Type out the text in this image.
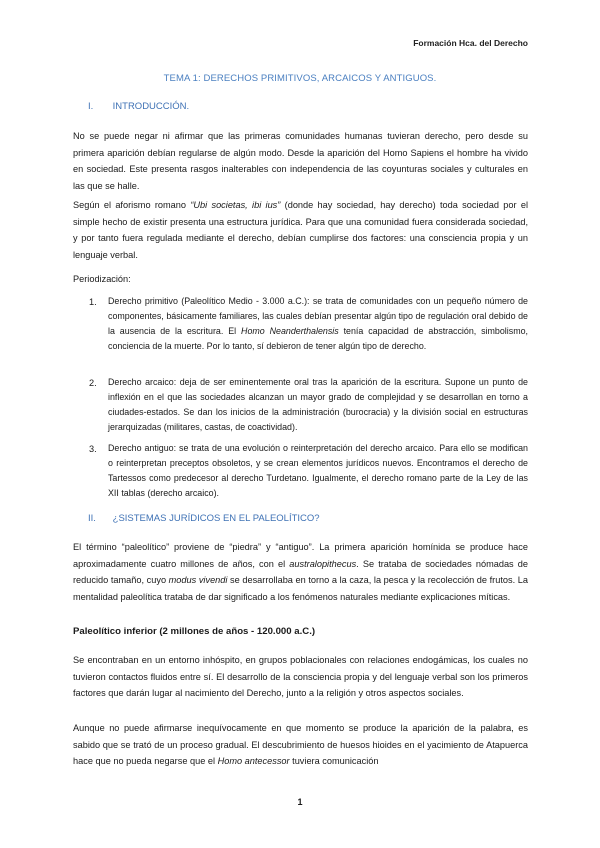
Formación Hca. del Derecho
TEMA 1: DERECHOS PRIMITIVOS, ARCAICOS Y ANTIGUOS.
I. INTRODUCCIÓN.

No se puede negar ni afirmar que las primeras comunidades humanas tuvieran derecho, pero desde su primera aparición debían regularse de algún modo. Desde la aparición del Homo Sapiens el hombre ha vivido en sociedad. Este presenta rasgos inalterables con independencia de las coyunturas sociales y culturales en las que se halle.

Según el aforismo romano “Ubi societas, ibi ius” (donde hay sociedad, hay derecho) toda sociedad por el simple hecho de existir presenta una estructura jurídica. Para que una comunidad fuera considerada sociedad, y por tanto fuera regulada mediante el derecho, debían cumplirse dos factores: una consciencia propia y un lenguaje verbal.

Periodización:
1. Derecho primitivo (Paleolítico Medio - 3.000 a.C.): se trata de comunidades con un pequeño número de componentes, básicamente familiares, las cuales debían presentar algún tipo de regulación oral debido de la ausencia de la escritura. El Homo Neanderthalensis tenía capacidad de abstracción, simbolismo, conciencia de la muerte. Por lo tanto, sí debieron de tener algún tipo de derecho.

2. Derecho arcaico: deja de ser eminentemente oral tras la aparición de la escritura. Supone un punto de inflexión en el que las sociedades alcanzan un mayor grado de complejidad y se desarrollan en torno a ciudades-estados. Se dan los inicios de la administración (burocracia) y la división social en estructuras jerarquizadas (militares, castas, de coactividad).

3. Derecho antiguo: se trata de una evolución o reinterpretación del derecho arcaico. Para ello se modifican o reinterpretan preceptos obsoletos, y se crean elementos jurídicos nuevos. Encontramos el derecho de Tartessos como predecesor al derecho Turdetano. Igualmente, el derecho romano parte de la Ley de las XII tablas (derecho arcaico).

II. ¿SISTEMAS JURÍDICOS EN EL PALEOLÍTICO?

El término “paleolítico” proviene de “piedra” y “antiguo”. La primera aparición homínida se produce hace aproximadamente cuatro millones de años, con el australopithecus. Se trataba de sociedades nómadas de reducido tamaño, cuyo modus vivendi se desarrollaba en torno a la caza, la pesca y la recolección de frutos. La mentalidad paleolítica trataba de dar significado a los fenómenos naturales mediante explicaciones míticas.

Paleolítico inferior (2 millones de años - 120.000 a.C.)

Se encontraban en un entorno inhóspito, en grupos poblacionales con relaciones endogámicas, los cuales no tuvieron contactos fluidos entre sí. El desarrollo de la consciencia propia y del lenguaje verbal son los primeros factores que darán lugar al nacimiento del Derecho, junto a la religión y otros aspectos sociales.

Aunque no puede afirmarse inequívocamente en que momento se produce la aparición de la palabra, es sabido que se trató de un proceso gradual. El descubrimiento de huesos hioides en el yacimiento de Atapuerca hace que no pueda negarse que el Homo antecessor tuviera comunicación

1
